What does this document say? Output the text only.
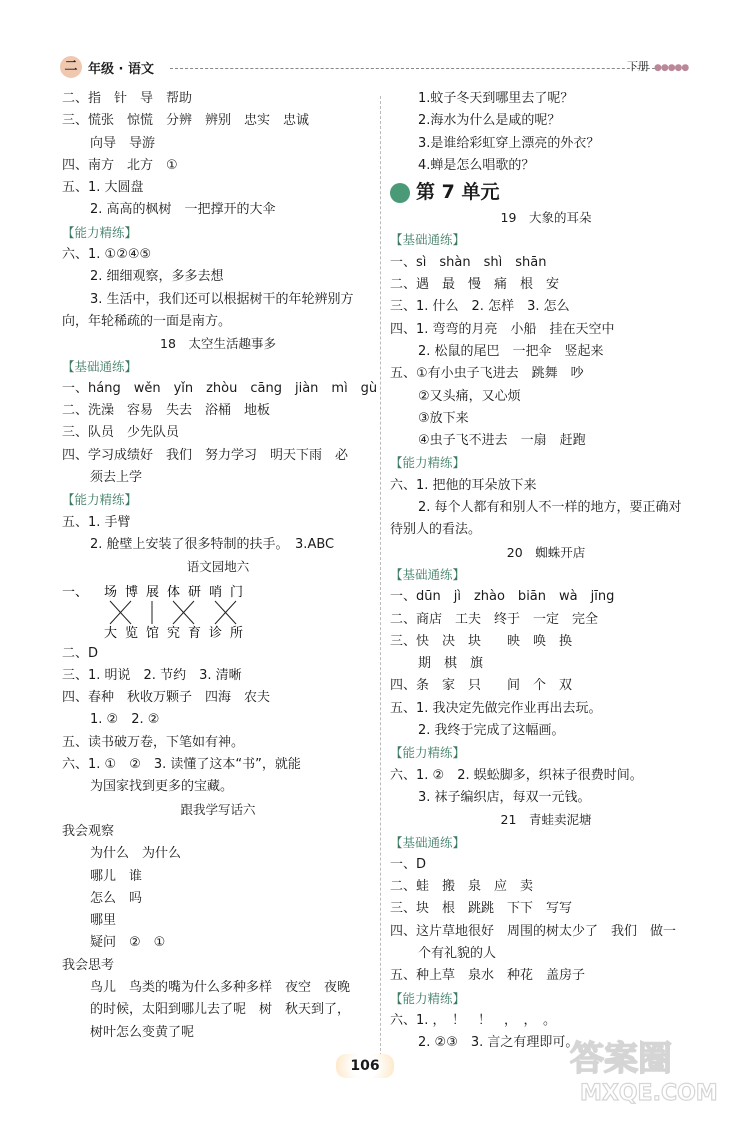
二 年级 · 语文	下册 ●●●●●
二、指　针　导　帮助
三、慌张　惊慌　分辨　辨别　忠实　忠诚
向导　导游
四、南方　北方　①
五、1. 大圆盘
2. 高高的枫树　一把撑开的大伞
【能力精练】
六、1. ①②④⑤
2. 细细观察，多多去想
3. 生活中，我们还可以根据树干的年轮辨别方
向，年轮稀疏的一面是南方。
18　太空生活趣事多
【基础通练】
一、háng　wěn　yǐn　zhòu　cāng　jiàn　mì　gù
二、洗澡　容易　失去　浴桶　地板
三、队员　少先队员
四、学习成绩好　我们　努力学习　明天下雨　必
须去上学
【能力精练】
五、1. 手臂
2. 舱壁上安装了很多特制的扶手。　3.ABC
语文园地六
一、 场 博 展 体 研 哨 门
大 览 馆 究 育 诊 所
二、D
三、1. 明说　2. 节约　3. 清晰
四、春种　秋收万颗子　四海　农夫
1. ②　2. ②
五、读书破万卷，下笔如有神。
六、1. ①　②　3. 读懂了这本“书”，就能
为国家找到更多的宝藏。
跟我学写话六
我会观察
为什么　为什么
哪儿　谁
怎么　吗
哪里
疑问　②　①
我会思考
鸟儿　鸟类的嘴为什么多种多样　夜空　夜晚
的时候，太阳到哪儿去了呢　树　秋天到了，
树叶怎么变黄了呢
1.蚊子冬天到哪里去了呢？
2.海水为什么是咸的呢？
3.是谁给彩虹穿上漂亮的外衣？
4.蝉是怎么唱歌的？
第 7 单元
19　大象的耳朵
【基础通练】
一、sì　shàn　shì　shān
二、遇　最　慢　痛　根　安
三、1. 什么　2. 怎样　3. 怎么
四、1. 弯弯的月亮　小船　挂在天空中
2. 松鼠的尾巴　一把伞　竖起来
五、①有小虫子飞进去　跳舞　吵
②又头痛，又心烦
③放下来
④虫子飞不进去　一扇　赶跑
【能力精练】
六、1. 把他的耳朵放下来
2. 每个人都有和别人不一样的地方，要正确对
待别人的看法。
20　蜘蛛开店
【基础通练】
一、dūn　jì　zhào　biān　wà　jīng
二、商店　工夫　终于　一定　完全
三、快　决　块　　映　唤　换
期　棋　旗
四、条　家　只　　间　个　双
五、1. 我决定先做完作业再出去玩。
2. 我终于完成了这幅画。
【能力精练】
六、1. ②　2. 蜈蚣脚多，织袜子很费时间。
3. 袜子编织店，每双一元钱。
21　青蛙卖泥塘
【基础通练】
一、D
二、蛙　搬　泉　应　卖
三、块　根　跳跳　下下　写写
四、这片草地很好　周围的树太少了　我们　做一
个有礼貌的人
五、种上草　泉水　种花　盖房子
【能力精练】
六、1. ，　！　！　，　，　。
2. ②③　3. 言之有理即可。
106	答案圈
MXQE.COM
